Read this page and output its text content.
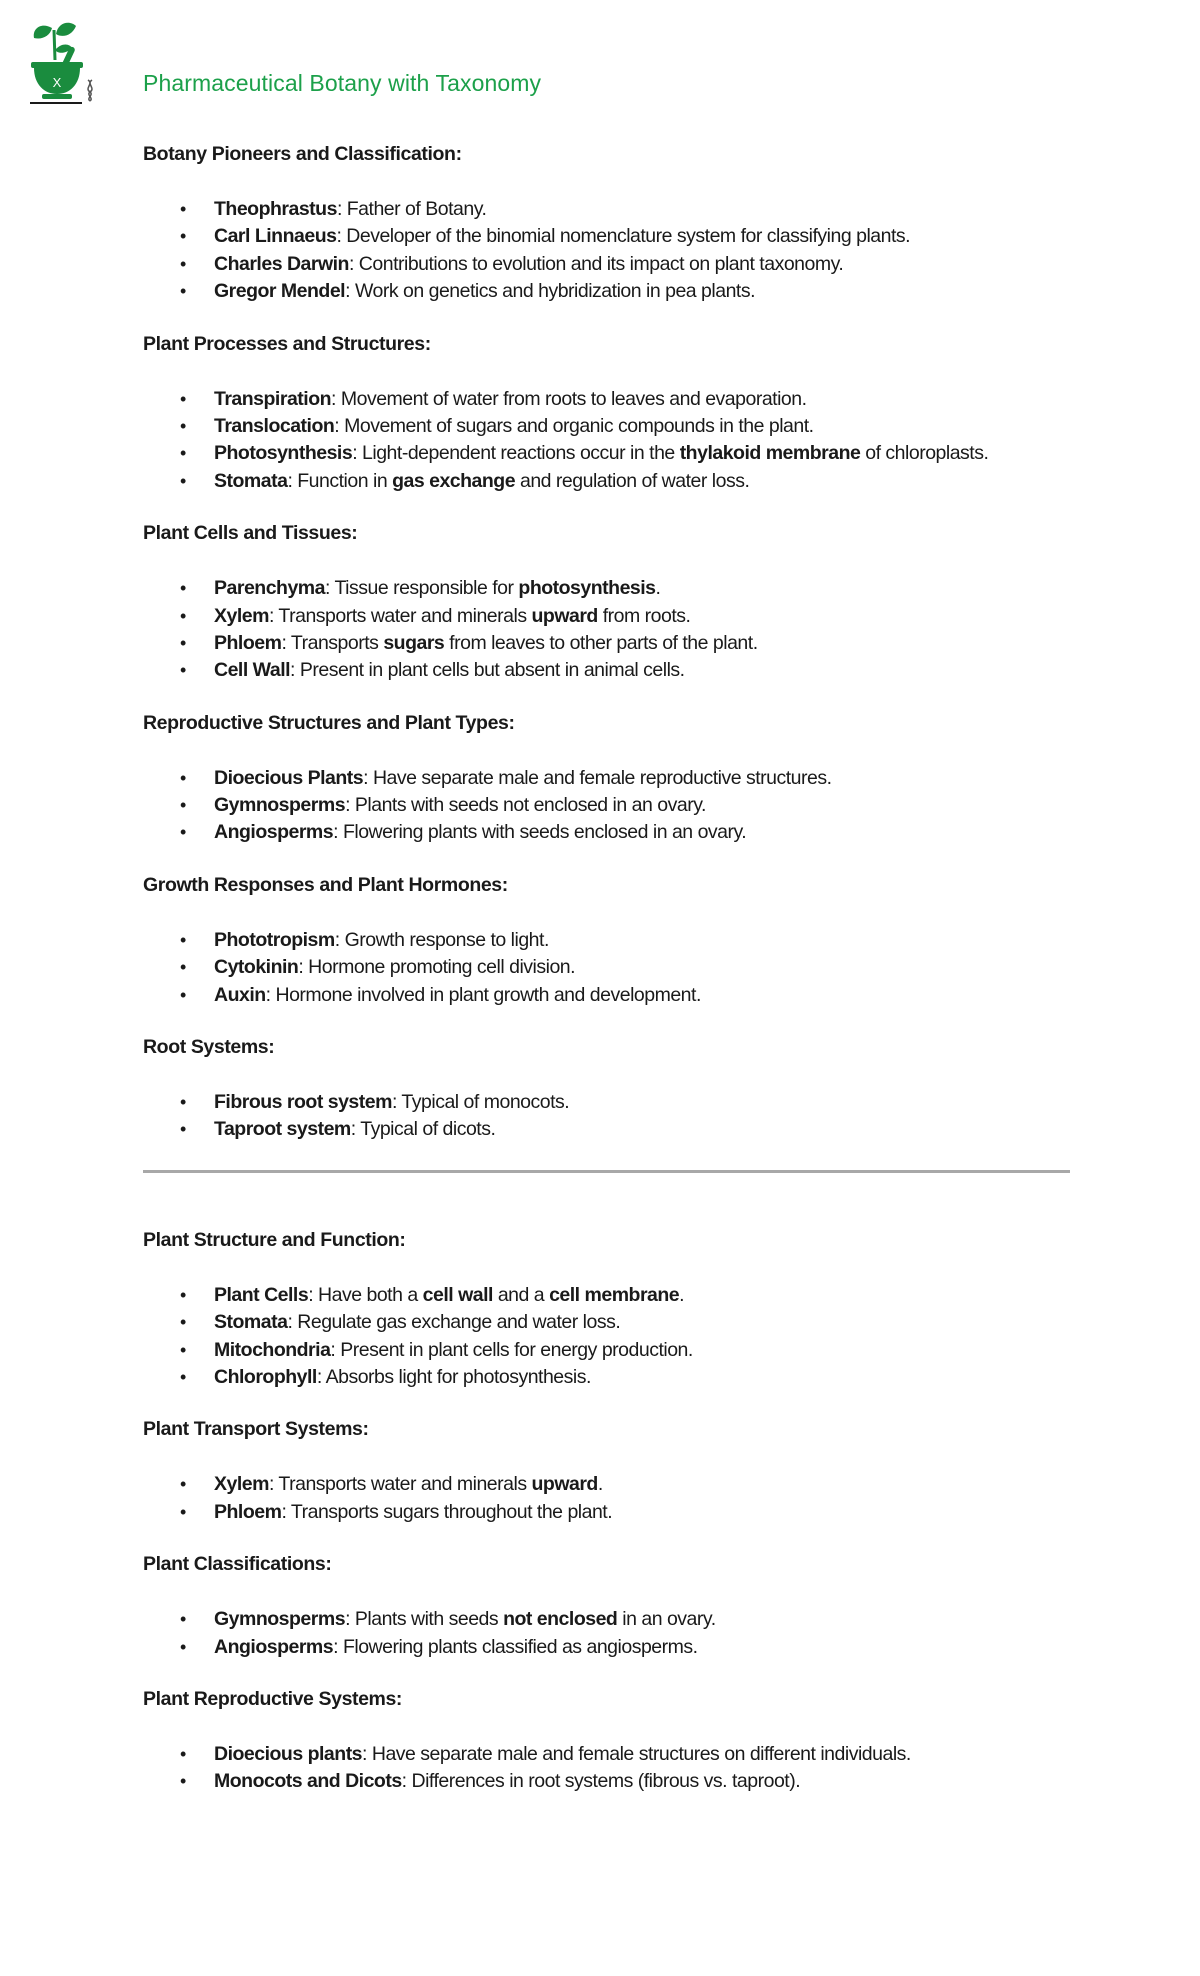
X	Pharmaceutical Botany with Taxonomy
Botany Pioneers and Classification:
• Theophrastus: Father of Botany.
• Carl Linnaeus: Developer of the binomial nomenclature system for classifying plants.
• Charles Darwin: Contributions to evolution and its impact on plant taxonomy.
• Gregor Mendel: Work on genetics and hybridization in pea plants.
Plant Processes and Structures:
• Transpiration: Movement of water from roots to leaves and evaporation.
• Translocation: Movement of sugars and organic compounds in the plant.
• Photosynthesis: Light-dependent reactions occur in the thylakoid membrane of chloroplasts.
• Stomata: Function in gas exchange and regulation of water loss.
Plant Cells and Tissues:
• Parenchyma: Tissue responsible for photosynthesis.
• Xylem: Transports water and minerals upward from roots.
• Phloem: Transports sugars from leaves to other parts of the plant.
• Cell Wall: Present in plant cells but absent in animal cells.
Reproductive Structures and Plant Types:
• Dioecious Plants: Have separate male and female reproductive structures.
• Gymnosperms: Plants with seeds not enclosed in an ovary.
• Angiosperms: Flowering plants with seeds enclosed in an ovary.
Growth Responses and Plant Hormones:
• Phototropism: Growth response to light.
• Cytokinin: Hormone promoting cell division.
• Auxin: Hormone involved in plant growth and development.
Root Systems:
• Fibrous root system: Typical of monocots.
• Taproot system: Typical of dicots.
Plant Structure and Function:
• Plant Cells: Have both a cell wall and a cell membrane.
• Stomata: Regulate gas exchange and water loss.
• Mitochondria: Present in plant cells for energy production.
• Chlorophyll: Absorbs light for photosynthesis.
Plant Transport Systems:
• Xylem: Transports water and minerals upward.
• Phloem: Transports sugars throughout the plant.
Plant Classifications:
• Gymnosperms: Plants with seeds not enclosed in an ovary.
• Angiosperms: Flowering plants classified as angiosperms.
Plant Reproductive Systems:
• Dioecious plants: Have separate male and female structures on different individuals.
• Monocots and Dicots: Differences in root systems (fibrous vs. taproot).
